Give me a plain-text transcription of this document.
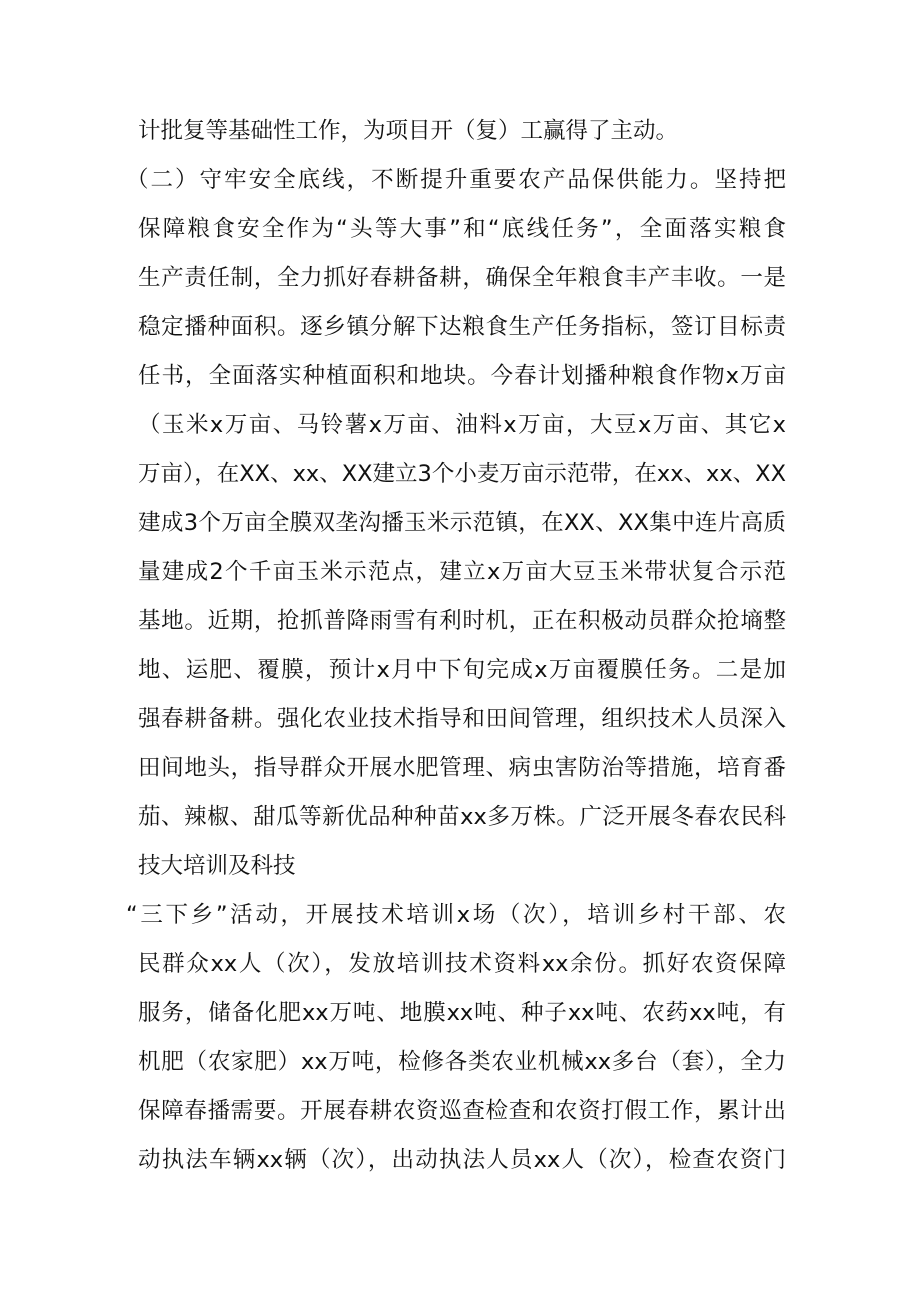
计批复等基础性工作，为项目开（复）工赢得了主动。
（二）守牢安全底线，不断提升重要农产品保供能力。坚持把
保障粮食安全作为“头等大事”和“底线任务”，全面落实粮食
生产责任制，全力抓好春耕备耕，确保全年粮食丰产丰收。一是
稳定播种面积。逐乡镇分解下达粮食生产任务指标，签订目标责
任书，全面落实种植面积和地块。今春计划播种粮食作物x万亩
（玉米x万亩、马铃薯x万亩、油料x万亩，大豆x万亩、其它x
万亩），在XX、xx、XX建立3个小麦万亩示范带，在xx、xx、XX
建成3个万亩全膜双垄沟播玉米示范镇，在XX、XX集中连片高质
量建成2个千亩玉米示范点，建立x万亩大豆玉米带状复合示范
基地。近期，抢抓普降雨雪有利时机，正在积极动员群众抢墒整
地、运肥、覆膜，预计x月中下旬完成x万亩覆膜任务。二是加
强春耕备耕。强化农业技术指导和田间管理，组织技术人员深入
田间地头，指导群众开展水肥管理、病虫害防治等措施，培育番
茄、辣椒、甜瓜等新优品种种苗xx多万株。广泛开展冬春农民科
技大培训及科技
“三下乡”活动，开展技术培训x场（次），培训乡村干部、农
民群众xx人（次），发放培训技术资料xx余份。抓好农资保障
服务，储备化肥xx万吨、地膜xx吨、种子xx吨、农药xx吨，有
机肥（农家肥）xx万吨，检修各类农业机械xx多台（套），全力
保障春播需要。开展春耕农资巡查检查和农资打假工作，累计出
动执法车辆xx辆（次），出动执法人员xx人（次），检查农资门
